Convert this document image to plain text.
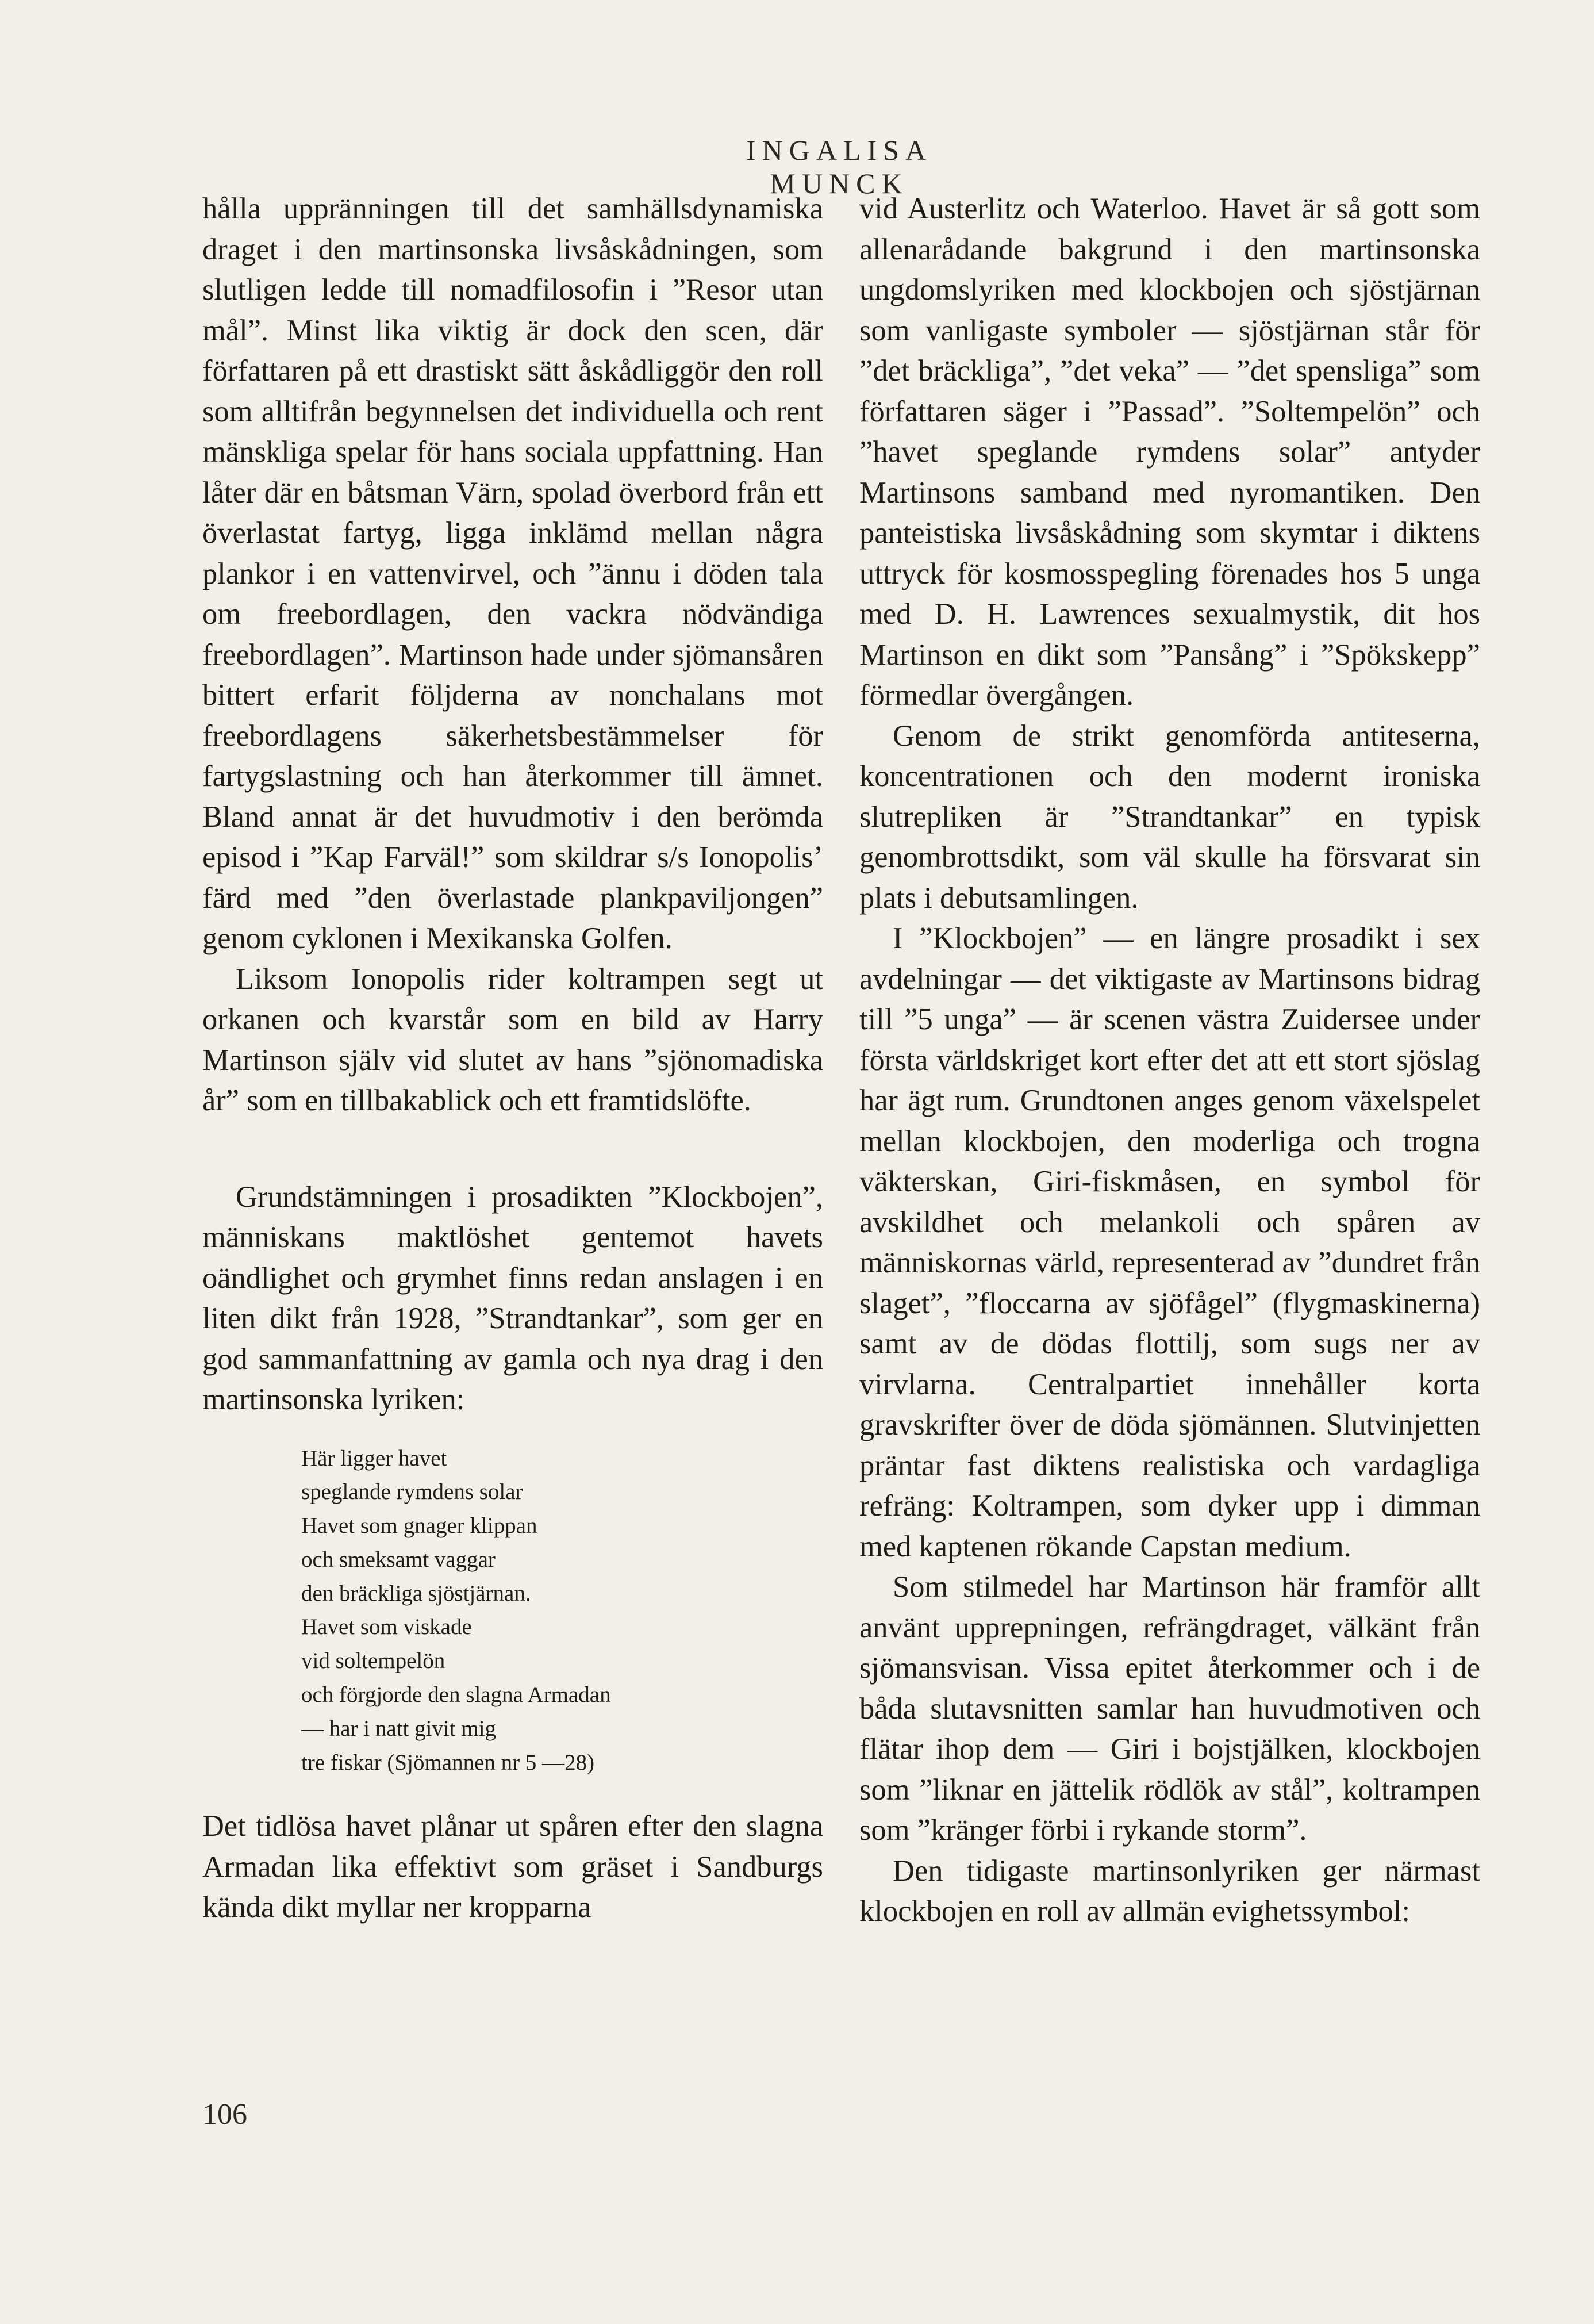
INGALISA MUNCK

hålla uppränningen till det samhällsdynamiska draget i den martinsonska livsåskådningen, som slutligen ledde till nomadfilosofin i ”Resor utan mål”. Minst lika viktig är dock den scen, där författaren på ett drastiskt sätt åskådliggör den roll som alltifrån begynnelsen det individuella och rent mänskliga spelar för hans sociala uppfattning. Han låter där en båtsman Värn, spolad överbord från ett överlastat fartyg, ligga inklämd mellan några plankor i en vattenvirvel, och ”ännu i döden tala om freebordlagen, den vackra nödvändiga freebordlagen”. Martinson hade under sjömansåren bittert erfarit följderna av nonchalans mot freebordlagens säkerhetsbestämmelser för fartygslastning och han återkommer till ämnet. Bland annat är det huvudmotiv i den berömda episod i ”Kap Farväl!” som skildrar s/s Ionopolis’ färd med ”den överlastade plankpaviljongen” genom cyklonen i Mexikanska Golfen.

Liksom Ionopolis rider koltrampen segt ut orkanen och kvarstår som en bild av Harry Martinson själv vid slutet av hans ”sjönomadiska år” som en tillbakablick och ett framtidslöfte.

Grundstämningen i prosadikten ”Klockbojen”, människans maktlöshet gentemot havets oändlighet och grymhet finns redan anslagen i en liten dikt från 1928, ”Strandtankar”, som ger en god sammanfattning av gamla och nya drag i den martinsonska lyriken:

Här ligger havet
speglande rymdens solar
Havet som gnager klippan
och smeksamt vaggar
den bräckliga sjöstjärnan.
Havet som viskade
vid soltempelön
och förgjorde den slagna Armadan
— har i natt givit mig
tre fiskar (Sjömannen nr 5 —28)

Det tidlösa havet plånar ut spåren efter den slagna Armadan lika effektivt som gräset i Sandburgs kända dikt myllar ner kropparna

vid Austerlitz och Waterloo. Havet är så gott som allenarådande bakgrund i den martinsonska ungdomslyriken med klockbojen och sjöstjärnan som vanligaste symboler — sjöstjärnan står för ”det bräckliga”, ”det veka” — ”det spensliga” som författaren säger i ”Passad”. ”Soltempelön” och ”havet speglande rymdens solar” antyder Martinsons samband med nyromantiken. Den panteistiska livsåskådning som skymtar i diktens uttryck för kosmosspegling förenades hos 5 unga med D. H. Lawrences sexualmystik, dit hos Martinson en dikt som ”Pansång” i ”Spökskepp” förmedlar övergången.

Genom de strikt genomförda antiteserna, koncentrationen och den modernt ironiska slutrepliken är ”Strandtankar” en typisk genombrottsdikt, som väl skulle ha försvarat sin plats i debutsamlingen.

I ”Klockbojen” — en längre prosadikt i sex avdelningar — det viktigaste av Martinsons bidrag till ”5 unga” — är scenen västra Zuidersee under första världskriget kort efter det att ett stort sjöslag har ägt rum. Grundtonen anges genom växelspelet mellan klockbojen, den moderliga och trogna väkterskan, Giri-fiskmåsen, en symbol för avskildhet och melankoli och spåren av människornas värld, representerad av ”dundret från slaget”, ”floccarna av sjöfågel” (flygmaskinerna) samt av de dödas flottilj, som sugs ner av virvlarna. Centralpartiet innehåller korta gravskrifter över de döda sjömännen. Slutvinjetten präntar fast diktens realistiska och vardagliga refräng: Koltrampen, som dyker upp i dimman med kaptenen rökande Capstan medium.

Som stilmedel har Martinson här framför allt använt upprepningen, refrängdraget, välkänt från sjömansvisan. Vissa epitet återkommer och i de båda slutavsnitten samlar han huvudmotiven och flätar ihop dem — Giri i bojstjälken, klockbojen som ”liknar en jättelik rödlök av stål”, koltrampen som ”kränger förbi i rykande storm”.

Den tidigaste martinsonlyriken ger närmast klockbojen en roll av allmän evighetssymbol:

106
